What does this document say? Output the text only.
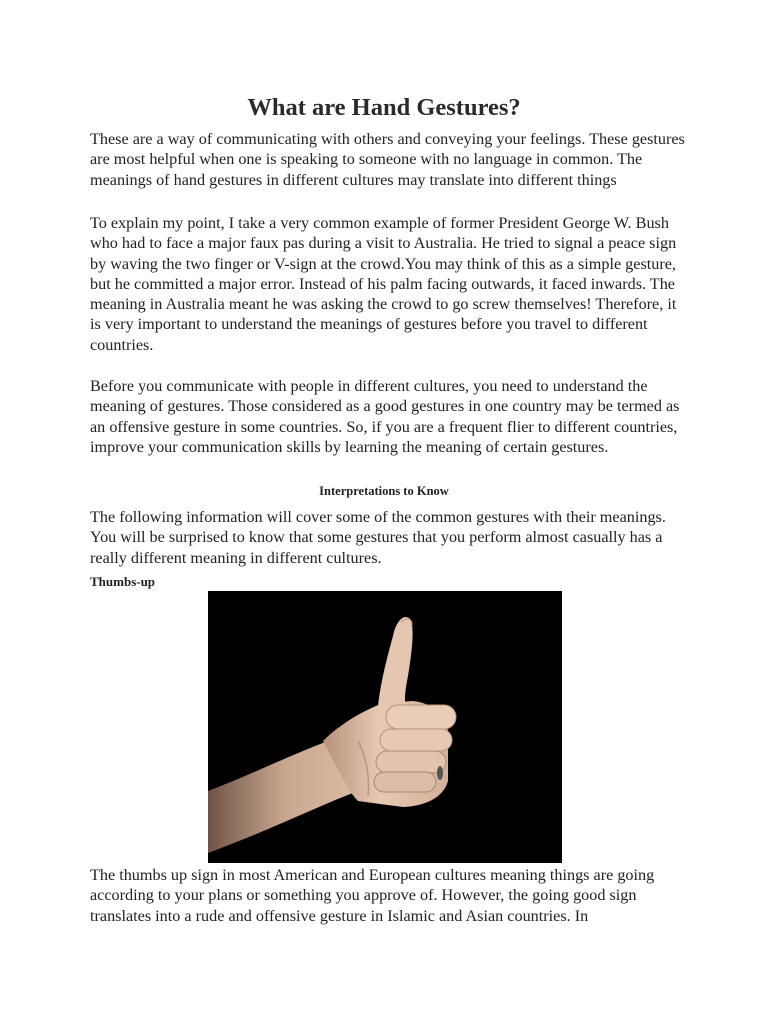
What are Hand Gestures?

These are a way of communicating with others and conveying your feelings. These gestures are most helpful when one is speaking to someone with no language in common. The meanings of hand gestures in different cultures may translate into different things

To explain my point, I take a very common example of former President George W. Bush who had to face a major faux pas during a visit to Australia. He tried to signal a peace sign by waving the two finger or V-sign at the crowd.You may think of this as a simple gesture, but he committed a major error. Instead of his palm facing outwards, it faced inwards. The meaning in Australia meant he was asking the crowd to go screw themselves! Therefore, it is very important to understand the meanings of gestures before you travel to different countries.

Before you communicate with people in different cultures, you need to understand the meaning of gestures. Those considered as a good gestures in one country may be termed as an offensive gesture in some countries. So, if you are a frequent flier to different countries, improve your communication skills by learning the meaning of certain gestures.

Interpretations to Know

The following information will cover some of the common gestures with their meanings. You will be surprised to know that some gestures that you perform almost casually has a really different meaning in different cultures.

Thumbs-up

The thumbs up sign in most American and European cultures meaning things are going according to your plans or something you approve of. However, the going good sign translates into a rude and offensive gesture in Islamic and Asian countries. In
